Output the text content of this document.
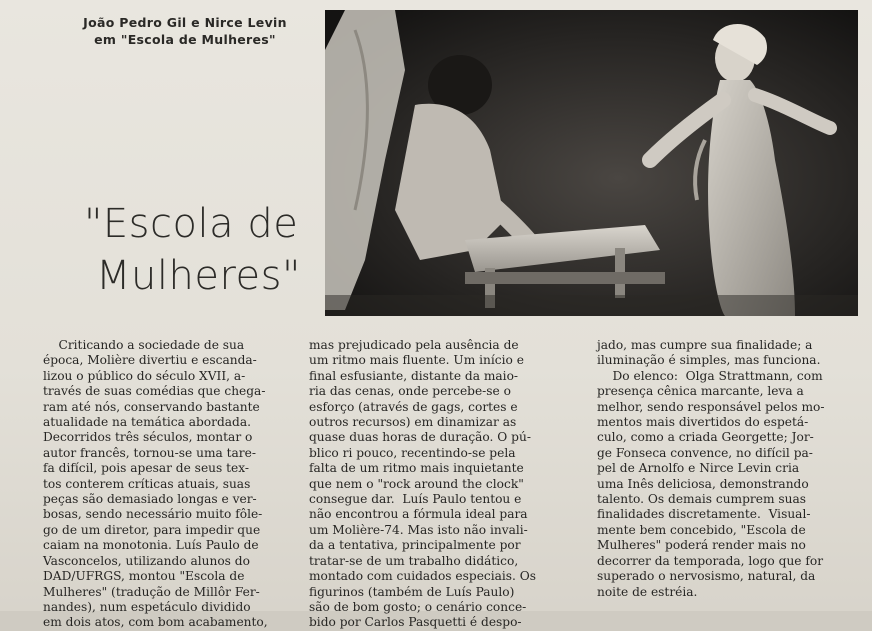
João Pedro Gil e Nirce Levin
em "Escola de Mulheres"
"Escola de
Mulheres"
Criticando a sociedade de sua
época, Molière divertiu e escanda-
lizou o público do século XVII, a-
través de suas comédias que chega-
ram até nós, conservando bastante
atualidade na temática abordada.
Decorridos três séculos, montar o
autor francês, tornou-se uma tare-
fa difícil, pois apesar de seus tex-
tos conterem críticas atuais, suas
peças são demasiado longas e ver-
bosas, sendo necessário muito fôle-
go de um diretor, para impedir que
caiam na monotonia. Luís Paulo de
Vasconcelos, utilizando alunos do
DAD/UFRGS, montou "Escola de
Mulheres" (tradução de Millôr Fer-
nandes), num espetáculo dividido
em dois atos, com bom acabamento,
mas prejudicado pela ausência de
um ritmo mais fluente. Um início e
final esfusiante, distante da maio-
ria das cenas, onde percebe-se o
esforço (através de gags, cortes e
outros recursos) em dinamizar as
quase duas horas de duração. O pú-
blico ri pouco, recentindo-se pela
falta de um ritmo mais inquietante
que nem o "rock around the clock"
consegue dar.  Luís Paulo tentou e
não encontrou a fórmula ideal para
um Molière-74. Mas isto não invali-
da a tentativa, principalmente por
tratar-se de um trabalho didático,
montado com cuidados especiais. Os
figurinos (também de Luís Paulo)
são de bom gosto; o cenário conce-
bido por Carlos Pasquetti é despo-
jado, mas cumpre sua finalidade; a
iluminação é simples, mas funciona.
Do elenco:  Olga Strattmann, com
presença cênica marcante, leva a
melhor, sendo responsável pelos mo-
mentos mais divertidos do espetá-
culo, como a criada Georgette; Jor-
ge Fonseca convence, no difícil pa-
pel de Arnolfo e Nirce Levin cria
uma Inês deliciosa, demonstrando
talento. Os demais cumprem suas
finalidades discretamente.  Visual-
mente bem concebido, "Escola de
Mulheres" poderá render mais no
decorrer da temporada, logo que for
superado o nervosismo, natural, da
noite de estréia.
